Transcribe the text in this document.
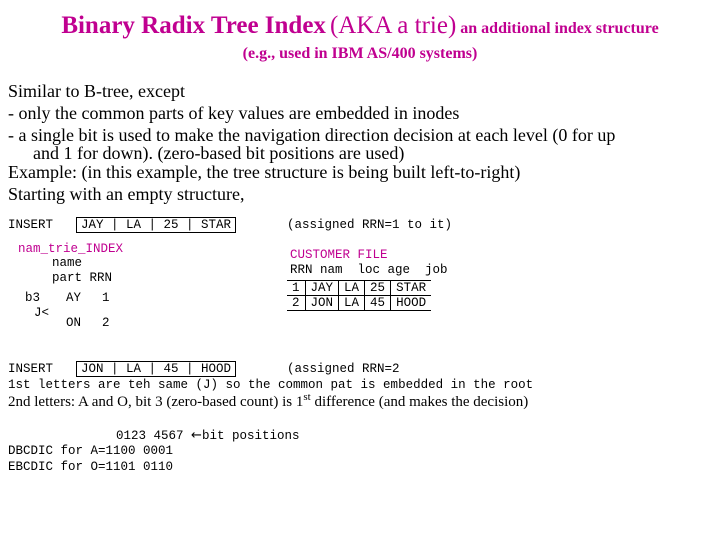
Binary Radix Tree Index (AKA a trie) an additional index structure
(e.g., used in IBM AS/400 systems)
Similar to B-tree, except
- only the common parts of key values are embedded in inodes
- a single bit is used to make the navigation direction decision at each level (0 for up
and 1 for down). (zero-based bit positions are used)
Example: (in this example, the tree structure is being built left-to-right)
Starting with an empty structure,
INSERT	JAY | LA | 25 | STAR	(assigned RRN=1 to it)
nam_trie_INDEX
name
part RRN
b3 AY 1
J<
ON 2
CUSTOMER FILE
RRN nam  loc age  job
1	JAY	LA	25	STAR
2	JON	LA	45	HOOD
INSERT	JON | LA | 45 | HOOD	(assigned RRN=2
1st letters are teh same (J) so the common pat is embedded in the root
2nd letters: A and O, bit 3 (zero-based count) is 1st difference (and makes the decision)
0123 4567 ←bit positions
DBCDIC for A=1100 0001
EBCDIC for O=1101 0110
